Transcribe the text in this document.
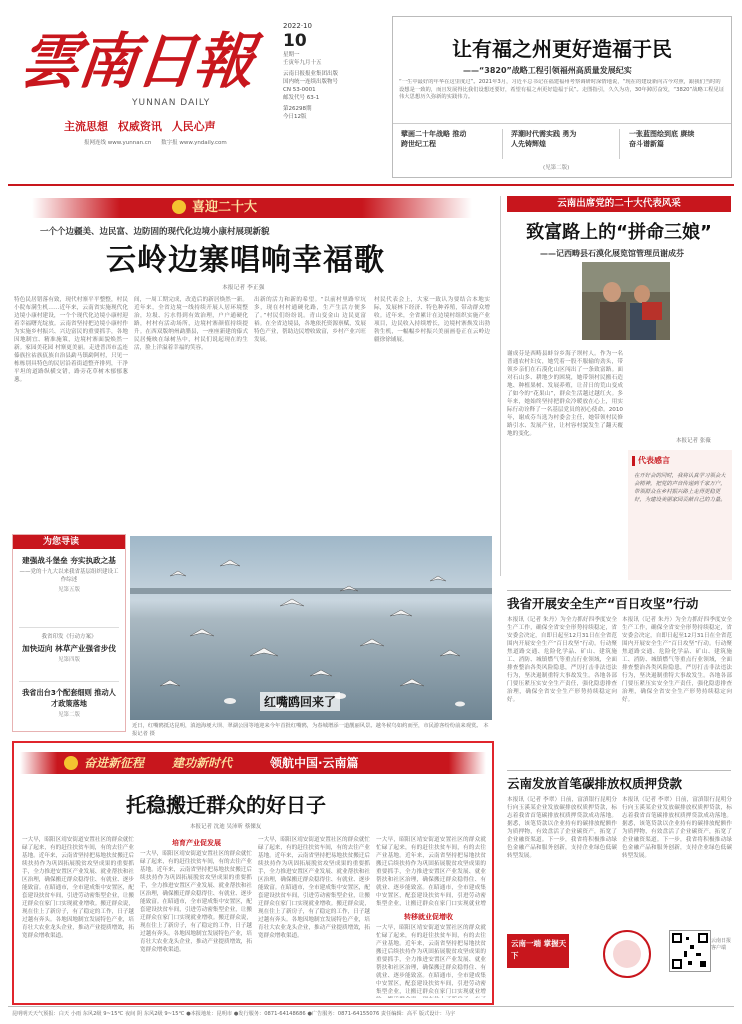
雲南日報
YUNNAN DAILY
主流思想 权威资讯 人民心声
报网连线 www.yunnan.cn 数字报 www.yndaily.com
2022·10
10
星期一
壬寅年九月十五
云南日报报业集团出版
国内统一连续出版物号
CN 53-0001
邮发代号 63-1
第26298期
今日12版
让有福之州更好造福于民
——“3820”战略工程引领福州高质量发展纪实
“一生中最好的年华在这里度过”。2021年3月，习近平总书记在福建福州考察调研时深情地说，“现在的建设新向古今对照，跟我们当时的设想是一致的，而且发展得比我们设想还要好，希望有福之州更好造福于民”。走图指引，久久为功，30年踔厉奋发，“3820”战略工程见证伟大思想历久弥新的实践伟力。
擘画二十年战略 推动跨世纪工程
弄潮时代需实践 勇为人先铸辉煌
一张蓝图绘到底 赓续奋斗谱新篇
(见第二版)
喜迎二十大
一个个边疆美、边民富、边防固的现代化边境小康村展现新貌
云岭边寨唱响幸福歌
本报记者 李正强
特色民居错落有致，现代村寨平平整整，村民小院布满生机……近年来，云南省实施现代化边境小康村建设，一个个现代化边境小康村迎着幸福曙光绽放。云南省坚持把边境小康村作为实施乡村振兴、兴边富民的重要抓手，各地因地制宜、精准施策，边境村寨面貌焕然一新。家园美花园 村寨更美丽。走进普洱市孟连傣族拉祜族佤族自治县勐马镇勐阿村，只见一栋栋别具特色的民居沿着街道整齐排列，干净平坦的道路纵横交错，路旁花草树木郁郁葱葱。
间，一周工期完成，改造后的新居焕然一新。近年来，全省边境一线持续开展人居环境整治，垃圾、污水得到有效治理，户户通硬化路，村村有活动场所，边境村寨颜值持续提升。在西双版纳州勐腊县，一座座新建的傣式民居掩映在绿树丛中，村民们说起现在的生活，脸上洋溢着幸福的笑容。
出新的活力和新的希望。“以前村里路窄坑多，现在村村通硬化路，生产生活方便多了。”村民们纷纷说。青山变金山 边民更富裕。在全省边境县，各地依托资源禀赋，发展特色产业，帮助边民增收致富，乡村产业兴旺发展。
村民代表会上，大家一致认为要结合本地实际，发展林下经济、特色种养殖，带动群众增收。近年来，全省累计在边境村组织实施产业项目，边民收入持续增长，边境村寨焕发出勃勃生机，一幅幅乡村振兴美丽画卷正在云岭边疆徐徐铺展。
为您导读
建强战斗堡垒 夯实执政之基
——党的十九大以来我省基层组织建设工作综述
见第五版
我省印发《行动方案》
加快迈向 林草产业强省步伐
见第四版
我省出台3个配套细则 推动人才政策落地
见第二版
红嘴鸥回来了
近日，红嘴鸥抵达昆明，滇池海埂大坝、翠湖公园等地迎来今年首批红嘴鸥，为春城增添一道靓丽风景。越冬候鸟如约而至，市民游客纷纷前来观赏。 本报记者 摄
云南出席党的二十大代表风采
致富路上的“拼命三娘”
——记西畴县石漠化展览馆管理员谢成芬
本报记者 张薇
谢成芬是西畴县蚌谷乡海子坝村人。作为一名普通农村妇女，她凭着一股不服输的劲头，带领乡亲们在石漠化山区闯出了一条致富路。面对石山多、耕地少的困境，她带领村民搬石造地、种植果树、发展养殖，让昔日的荒山变成了如今的“花果山”，群众生活越过越红火。多年来，她始终坚持把群众冷暖放在心上，用实际行动诠释了一名基层党员的初心使命。2010年，谢成芬当选为村委会主任，她带领村民修路引水、发展产业，让村容村貌发生了翻天覆地的变化。
代表感言
在开好会的同时，我将认真学习领会大会精神，把党的声音传递到千家万户，带领群众在乡村振兴路上走得更稳更好，为建设美丽家园贡献自己的力量。
我省开展安全生产“百日攻坚”行动
本报讯（记者 朱丹）为全力抓好四季度安全生产工作，确保全省安全形势持续稳定，省安委会决定，自即日起至12月31日在全省范围内开展安全生产“百日攻坚”行动。行动聚焦道路交通、危险化学品、矿山、建筑施工、消防、城镇燃气等重点行业领域，全面排查整治各类风险隐患，严厉打击非法违法行为，坚决遏制重特大事故发生。各地各部门要压紧压实安全生产责任，强化隐患排查治理，确保全省安全生产形势持续稳定向好。
本报讯（记者 朱丹）为全力抓好四季度安全生产工作，确保全省安全形势持续稳定，省安委会决定，自即日起至12月31日在全省范围内开展安全生产“百日攻坚”行动。行动聚焦道路交通、危险化学品、矿山、建筑施工、消防、城镇燃气等重点行业领域，全面排查整治各类风险隐患，严厉打击非法违法行为，坚决遏制重特大事故发生。各地各部门要压紧压实安全生产责任，强化隐患排查治理，确保全省安全生产形势持续稳定向好。
奋进新征程 建功新时代	领航中国·云南篇
托稳搬迁群众的好日子
本报记者 沈迪 吴沛昕 蔡傈友
一大早，昭阳区靖安街道安置社区的群众就忙碌了起来，有的赶往扶贫车间，有的去往产业基地。近年来，云南省坚持把易地扶贫搬迁后续扶持作为巩固拓展脱贫攻坚成果的重要抓手，全力推进安置区产业发展、就业帮扶和社区治理，确保搬迁群众稳得住、有就业、逐步能致富。在昭通市，全市建成集中安置区，配套建设扶贫车间，引进劳动密集型企业，让搬迁群众在家门口实现就业增收。搬迁群众说，现在住上了新房子，有了稳定的工作，日子越过越有奔头。各地因地制宜发展特色产业，培育壮大农业龙头企业，推动产业提质增效，拓宽群众增收渠道。
培育产业促发展
一大早，昭阳区靖安街道安置社区的群众就忙碌了起来，有的赶往扶贫车间，有的去往产业基地。近年来，云南省坚持把易地扶贫搬迁后续扶持作为巩固拓展脱贫攻坚成果的重要抓手，全力推进安置区产业发展、就业帮扶和社区治理，确保搬迁群众稳得住、有就业、逐步能致富。在昭通市，全市建成集中安置区，配套建设扶贫车间，引进劳动密集型企业，让搬迁群众在家门口实现就业增收。搬迁群众说，现在住上了新房子，有了稳定的工作，日子越过越有奔头。各地因地制宜发展特色产业，培育壮大农业龙头企业，推动产业提质增效，拓宽群众增收渠道。
一大早，昭阳区靖安街道安置社区的群众就忙碌了起来，有的赶往扶贫车间，有的去往产业基地。近年来，云南省坚持把易地扶贫搬迁后续扶持作为巩固拓展脱贫攻坚成果的重要抓手，全力推进安置区产业发展、就业帮扶和社区治理，确保搬迁群众稳得住、有就业、逐步能致富。在昭通市，全市建成集中安置区，配套建设扶贫车间，引进劳动密集型企业，让搬迁群众在家门口实现就业增收。搬迁群众说，现在住上了新房子，有了稳定的工作，日子越过越有奔头。各地因地制宜发展特色产业，培育壮大农业龙头企业，推动产业提质增效，拓宽群众增收渠道。
转移就业促增收
一大早，昭阳区靖安街道安置社区的群众就忙碌了起来，有的赶往扶贫车间，有的去往产业基地。近年来，云南省坚持把易地扶贫搬迁后续扶持作为巩固拓展脱贫攻坚成果的重要抓手，全力推进安置区产业发展、就业帮扶和社区治理，确保搬迁群众稳得住、有就业、逐步能致富。在昭通市，全市建成集中安置区，配套建设扶贫车间，引进劳动密集型企业，让搬迁群众在家门口实现就业增
一大早，昭阳区靖安街道安置社区的群众就忙碌了起来，有的赶往扶贫车间，有的去往产业基地。近年来，云南省坚持把易地扶贫搬迁后续扶持作为巩固拓展脱贫攻坚成果的重要抓手，全力推进安置区产业发展、就业帮扶和社区治理，确保搬迁群众稳得住、有就业、逐步能致富。在昭通市，全市建成集中安置区，配套建设扶贫车间，引进劳动密集型企业，让搬迁群众在家门口实现就业增
云南发放首笔碳排放权质押贷款
本报讯（记者 李翠）日前，富滇银行昆明分行向玉溪某企业发放碳排放权质押贷款，标志着我省首笔碳排放权质押贷款成功落地。据悉，该笔贷款以企业持有的碳排放配额作为质押物，有效盘活了企业碳资产，拓宽了企业融资渠道。下一步，我省将积极推动绿色金融产品和服务创新，支持企业绿色低碳转型发展。
本报讯（记者 李翠）日前，富滇银行昆明分行向玉溪某企业发放碳排放权质押贷款，标志着我省首笔碳排放权质押贷款成功落地。据悉，该笔贷款以企业持有的碳排放配额作为质押物，有效盘活了企业碳资产，拓宽了企业融资渠道。下一步，我省将积极推动绿色金融产品和服务创新，支持企业绿色低碳转型发展。
云南一端 掌握天下
云南日报客户端
昆明明天天气预报：白天 小雨 东风2级 9~15℃ 夜间 阴 东风2级 9~15℃ ●本报地址：昆明市 ●发行服务：0871-64148686 ●广告服务：0871-64155076 责任编辑：高平 版式设计：马宇
